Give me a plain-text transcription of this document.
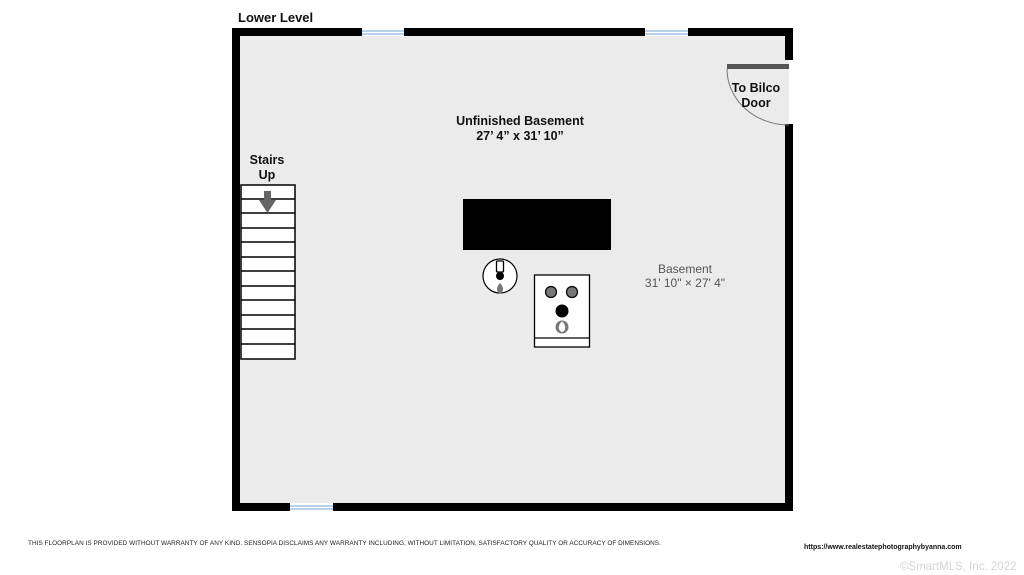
Lower Level
Unfinished Basement
27’ 4” x 31’ 10”
Stairs
Up
To Bilco
Door
Basement
31' 10" × 27' 4"
THIS FLOORPLAN IS PROVIDED WITHOUT WARRANTY OF ANY KIND. SENSOPIA DISCLAIMS ANY WARRANTY INCLUDING, WITHOUT LIMITATION, SATISFACTORY QUALITY OR ACCURACY OF DIMENSIONS.
https://www.realestatephotographybyanna.com
©SmartMLS, Inc. 2022
